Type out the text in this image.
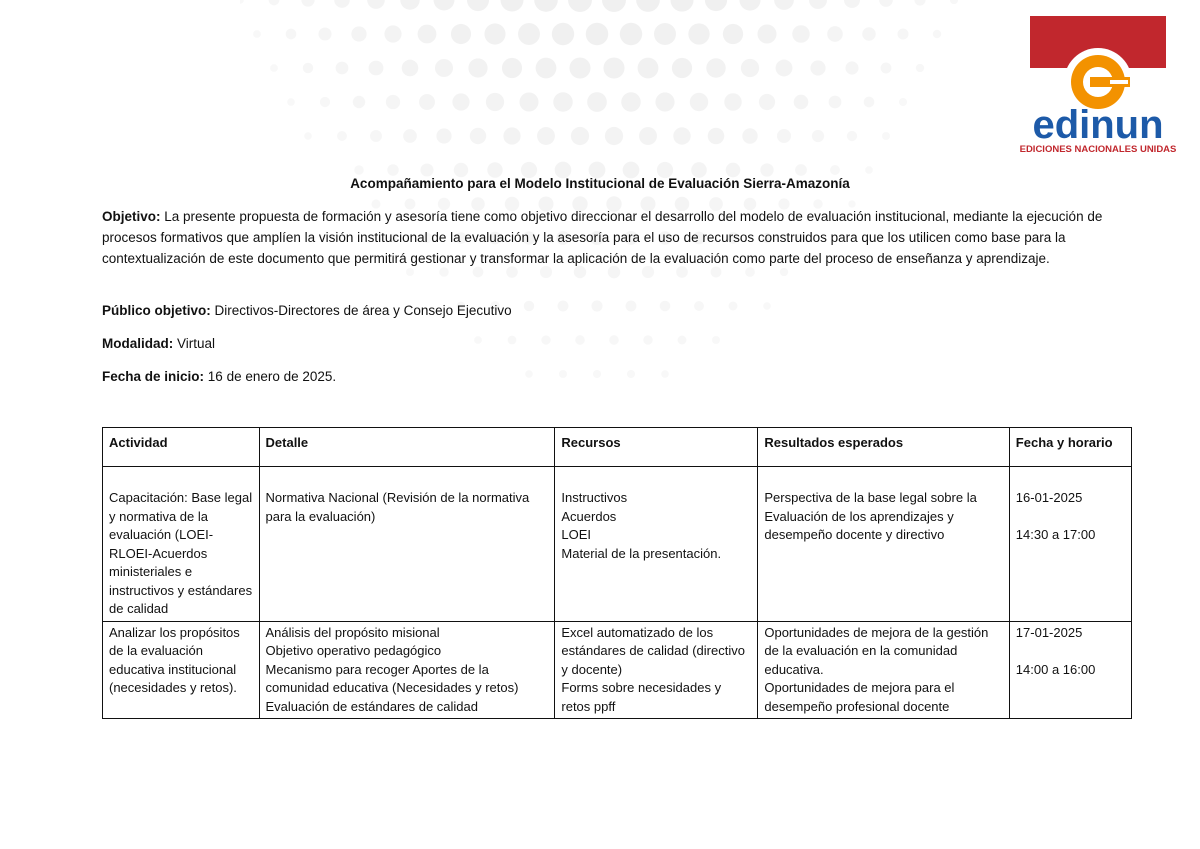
edinun
EDICIONES NACIONALES UNIDAS
Acompañamiento para el Modelo Institucional de Evaluación Sierra-Amazonía

Objetivo: La presente propuesta de formación y asesoría tiene como objetivo direccionar el desarrollo del modelo de evaluación institucional, mediante la ejecución de procesos formativos que amplíen la visión institucional de la evaluación y la asesoría para el uso de recursos construidos para que los utilicen como base para la contextualización de este documento que permitirá gestionar y transformar la aplicación de la evaluación como parte del proceso de enseñanza y aprendizaje.

Público objetivo: Directivos-Directores de área y Consejo Ejecutivo

Modalidad: Virtual

Fecha de inicio: 16 de enero de 2025.

Actividad	Detalle	Recursos	Resultados esperados	Fecha y horario
Capacitación: Base legal y normativa de la evaluación (LOEI-RLOEI-Acuerdos ministeriales e instructivos y estándares de calidad	Normativa Nacional (Revisión de la normativa para la evaluación)	Instructivos
Acuerdos
LOEI
Material de la presentación.	Perspectiva de la base legal sobre la Evaluación de los aprendizajes y desempeño docente y directivo	16-01-2025
14:30 a 17:00

Analizar los propósitos de la evaluación educativa institucional (necesidades y retos).	Análisis del propósito misional
Objetivo operativo pedagógico
Mecanismo para recoger Aportes de la comunidad educativa (Necesidades y retos)
Evaluación de estándares de calidad	Excel automatizado de los estándares de calidad (directivo y docente)
Forms sobre necesidades y retos ppff	Oportunidades de mejora de la gestión de la evaluación en la comunidad educativa.
Oportunidades de mejora para el desempeño profesional docente	17-01-2025
14:00 a 16:00
